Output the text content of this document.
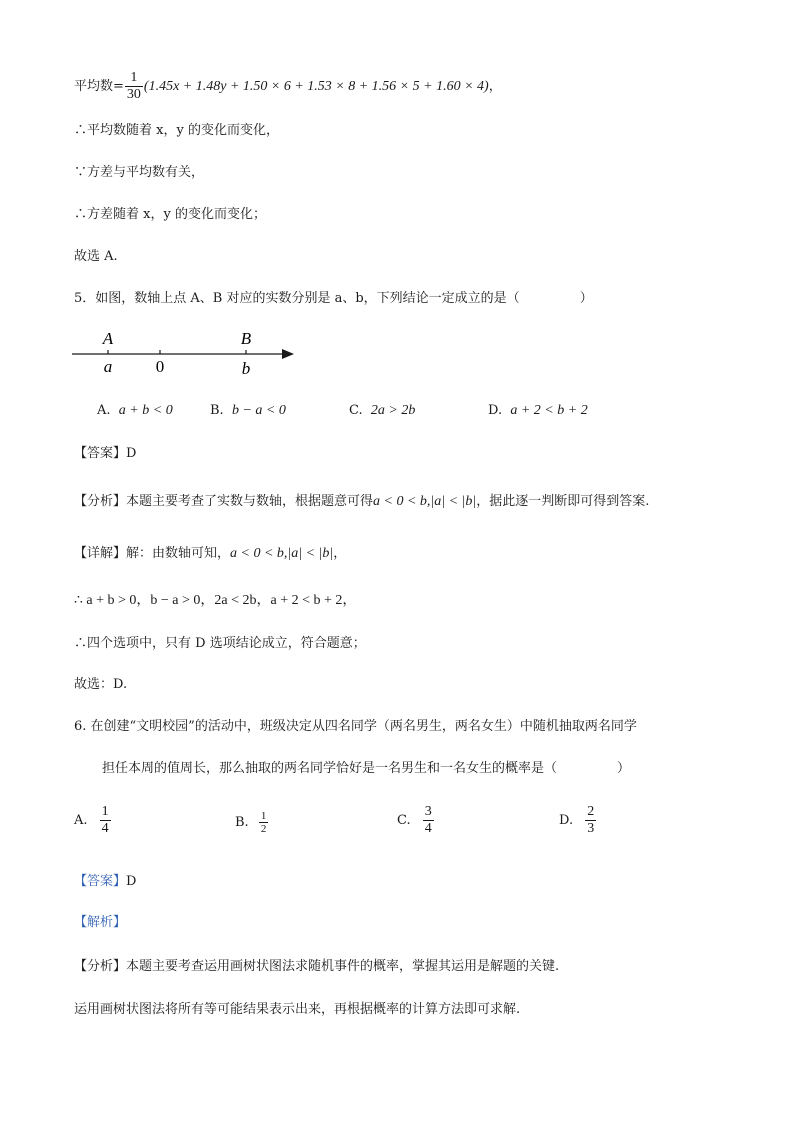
平均数= $\frac{1}{30} (1.45x + 1.48y + 1.50 \times 6 + 1.53 \times 8 + 1.56 \times 5 + 1.60 \times 4)$，
∴平均数随着 x，y 的变化而变化，
∵方差与平均数有关，
∴方差随着 x，y 的变化而变化；
故选 A.
5．如图，数轴上点 A、B 对应的实数分别是 a、b，下列结论一定成立的是（	）
A	B
a	0	b
A. a + b < 0	B. b − a < 0	C. 2a > 2b	D. a + 2 < b + 2
【答案】D
【分析】本题主要考查了实数与数轴，根据题意可得a < 0 < b,|a| < |b|，据此逐一判断即可得到答案.
【详解】解：由数轴可知，a < 0 < b,|a| < |b|，
∴ a + b > 0，b − a > 0，2a < 2b，a + 2 < b + 2，
∴四个选项中，只有 D 选项结论成立，符合题意；
故选：D.
6. 在创建“文明校园”的活动中，班级决定从四名同学（两名男生，两名女生）中随机抽取两名同学
担任本周的值周长，那么抽取的两名同学恰好是一名男生和一名女生的概率是（	）
A. $\frac{1}{4}$	B. $\frac{1}{2}$	C. $\frac{3}{4}$	D. $\frac{2}{3}$
【答案】D
【解析】
【分析】本题主要考查运用画树状图法求随机事件的概率，掌握其运用是解题的关键.
运用画树状图法将所有等可能结果表示出来，再根据概率的计算方法即可求解.
